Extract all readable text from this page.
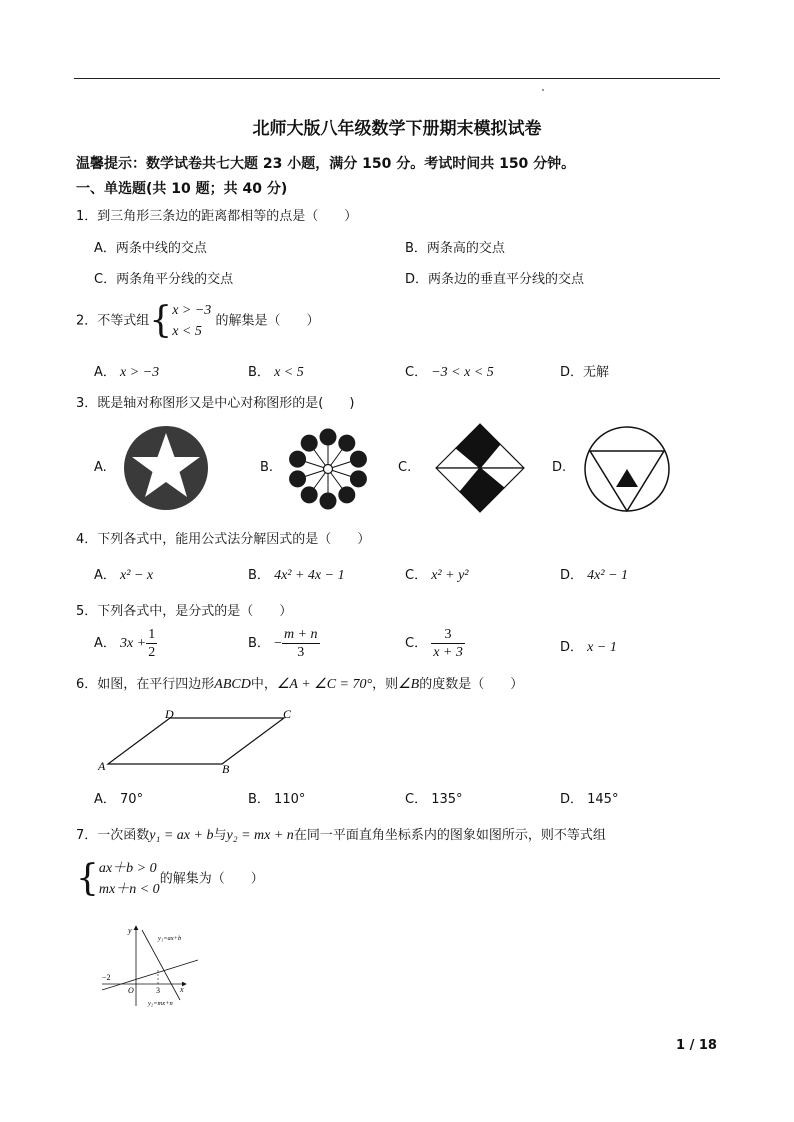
北师大版八年级数学下册期末模拟试卷
温馨提示：数学试卷共七大题 23 小题，满分 150 分。考试时间共 150 分钟。
一、单选题(共 10 题；共 40 分)
1．到三角形三条边的距离都相等的点是（　　）
A．两条中线的交点	B．两条高的交点
C．两条角平分线的交点	D．两条边的垂直平分线的交点
2．不等式组{ x > −3
x < 5
的解集是（　　）
A． x > −3	B． x < 5	C． −3 < x < 5	D．无解
3．既是轴对称图形又是中心对称图形的是(　　)
A.	B.	C.	D.
4．下列各式中，能用公式法分解因式的是（　　）
A． x² − x	B． 4x² + 4x − 1	C． x² + y²	D． 4x² − 1
5．下列各式中，是分式的是（　　）
A． $3x + \frac{1}{2}$	B． − $\frac{m + n}{3}$	C． $\frac{3}{x + 3}$	D． x − 1
6．如图，在平行四边形ABCD中，∠A + ∠C = 70°，则∠B的度数是（　　）
A	B
C
D
A． 70°	B． 110°	C． 135°	D． 145°
7．一次函数y₁ = ax + b与y₂ = mx + n在同一平面直角坐标系内的图象如图所示，则不等式组
{ ax＋b > 0
mx＋n < 0
的解集为（　　）
y
x
O
−2
3
y₁=ax+b
y₂=mx+n
1 / 18
